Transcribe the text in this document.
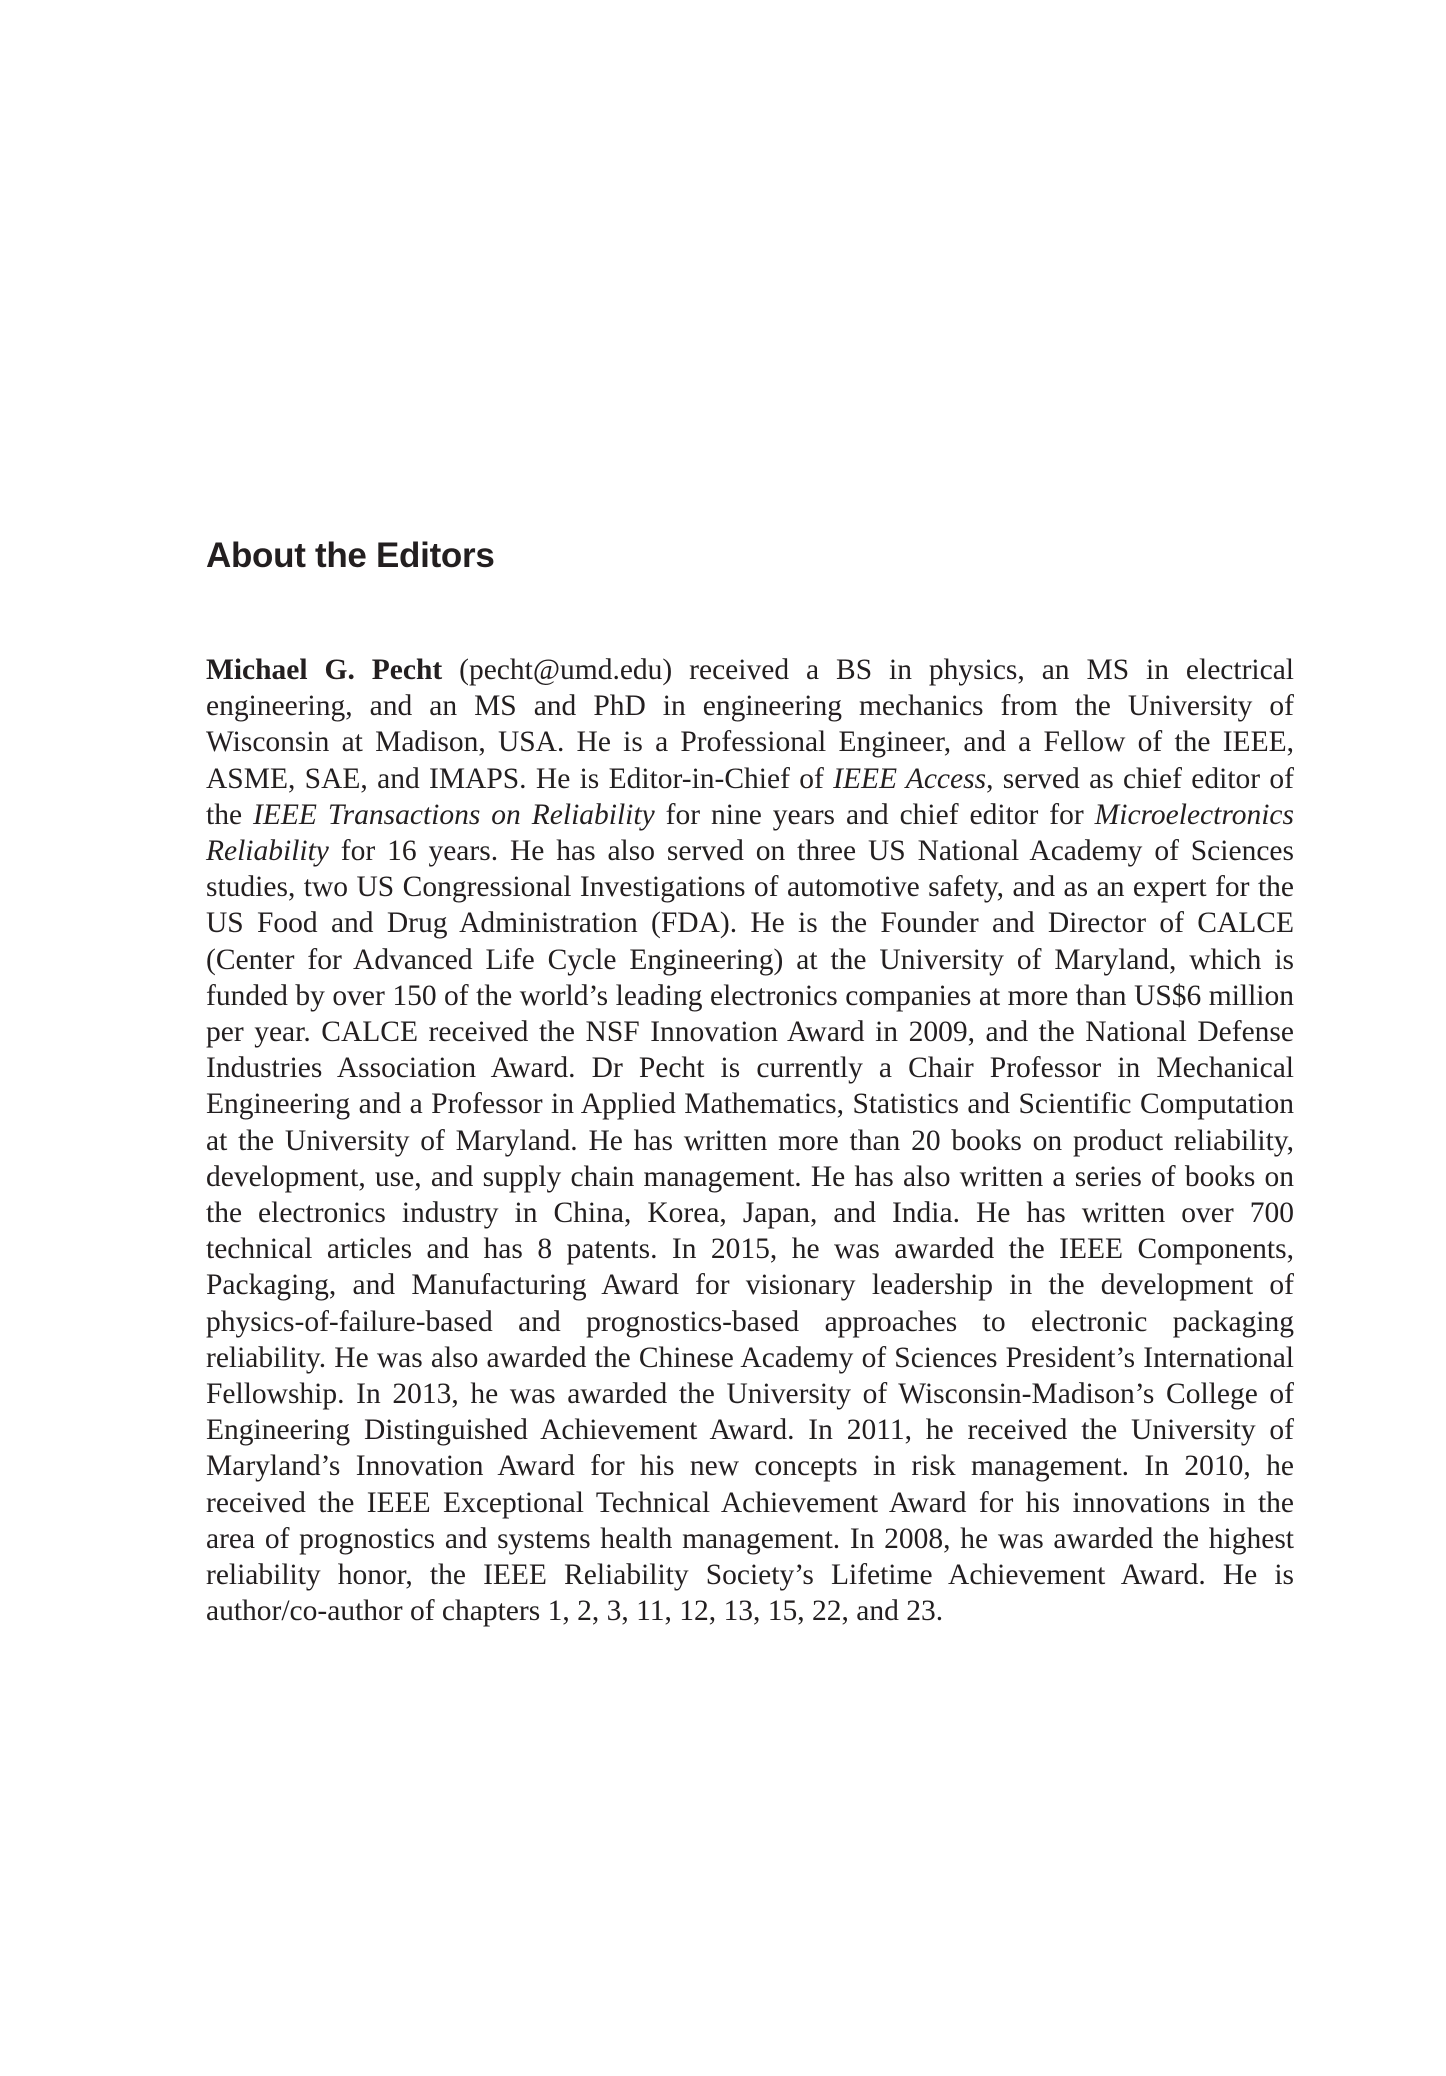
About the Editors

Michael G. Pecht (pecht@umd.edu) received a BS in physics, an MS in electrical engineering, and an MS and PhD in engineering mechanics from the University of Wisconsin at Madison, USA. He is a Professional Engineer, and a Fellow of the IEEE, ASME, SAE, and IMAPS. He is Editor-in-Chief of IEEE Access, served as chief editor of the IEEE Transactions on Reliability for nine years and chief editor for Microelectronics Reliability for 16 years. He has also served on three US National Academy of Sciences studies, two US Congressional Investigations of automotive safety, and as an expert for the US Food and Drug Administration (FDA). He is the Founder and Director of CALCE (Center for Advanced Life Cycle Engineering) at the University of Maryland, which is funded by over 150 of the world’s leading electronics companies at more than US$6 million per year. CALCE received the NSF Innovation Award in 2009, and the National Defense Industries Association Award. Dr Pecht is currently a Chair Professor in Mechanical Engineering and a Professor in Applied Mathematics, Statistics and Scientific Computation at the University of Maryland. He has written more than 20 books on product reliability, development, use, and supply chain management. He has also written a series of books on the electronics industry in China, Korea, Japan, and India. He has written over 700 technical articles and has 8 patents. In 2015, he was awarded the IEEE Components, Packaging, and Manufacturing Award for visionary leadership in the development of physics-of-failure-based and prognostics-based approaches to electronic packaging reliability. He was also awarded the Chinese Academy of Sciences President’s International Fellowship. In 2013, he was awarded the University of Wisconsin-Madison’s College of Engineering Distinguished Achievement Award. In 2011, he received the University of Maryland’s Innovation Award for his new concepts in risk management. In 2010, he received the IEEE Exceptional Technical Achievement Award for his innovations in the area of prognostics and systems health management. In 2008, he was awarded the highest reliability honor, the IEEE Reliability Society’s Lifetime Achievement Award. He is author/co-author of chapters 1, 2, 3, 11, 12, 13, 15, 22, and 23.
